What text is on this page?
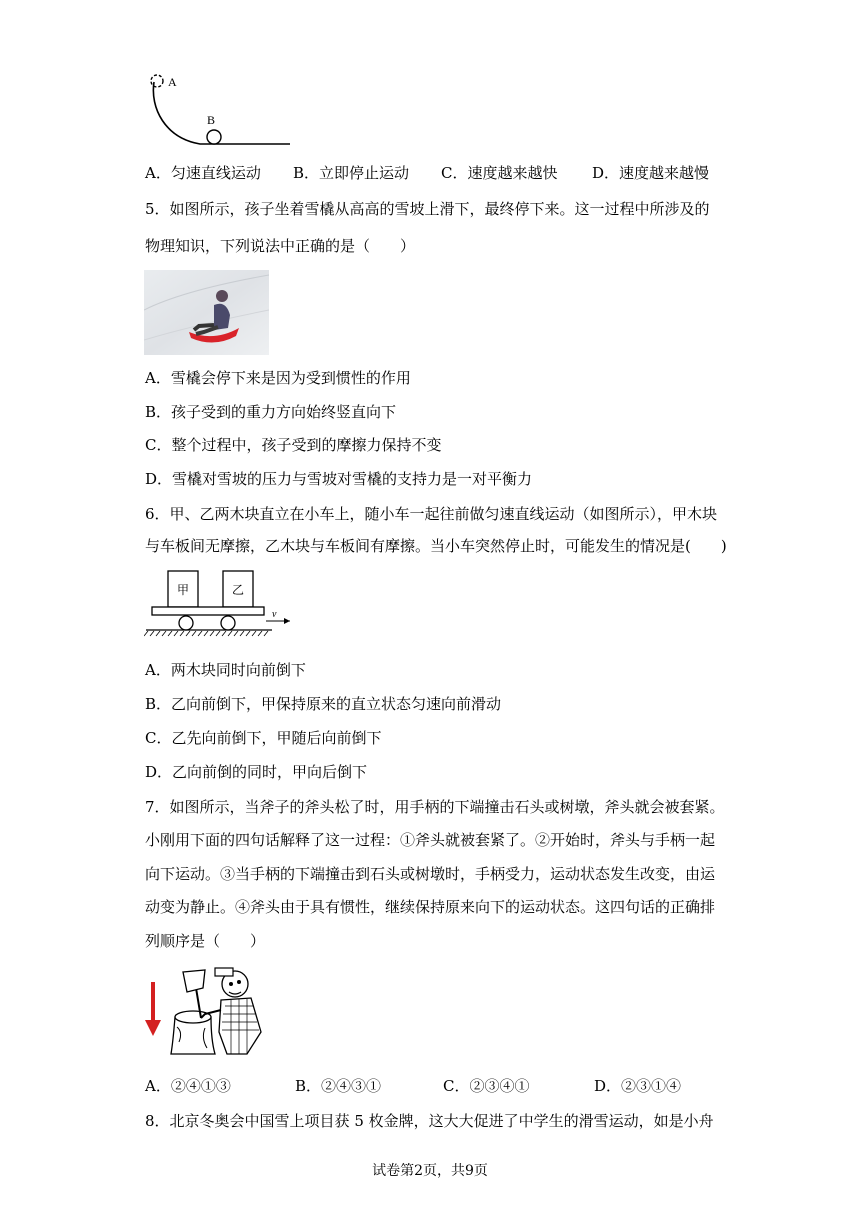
A
B
A．匀速直线运动 B．立即停止运动 C．速度越来越快 D．速度越来越慢
5．如图所示，孩子坐着雪橇从高高的雪坡上滑下，最终停下来。这一过程中所涉及的
物理知识，下列说法中正确的是（　　）
A．雪橇会停下来是因为受到惯性的作用
B．孩子受到的重力方向始终竖直向下
C．整个过程中，孩子受到的摩擦力保持不变
D．雪橇对雪坡的压力与雪坡对雪橇的支持力是一对平衡力
6．甲、乙两木块直立在小车上，随小车一起往前做匀速直线运动（如图所示），甲木块
与车板间无摩擦，乙木块与车板间有摩擦。当小车突然停止时，可能发生的情况是(　　)
甲	乙
v
A．两木块同时向前倒下
B．乙向前倒下，甲保持原来的直立状态匀速向前滑动
C．乙先向前倒下，甲随后向前倒下
D．乙向前倒的同时，甲向后倒下
7．如图所示，当斧子的斧头松了时，用手柄的下端撞击石头或树墩，斧头就会被套紧。
小刚用下面的四句话解释了这一过程：①斧头就被套紧了。②开始时，斧头与手柄一起
向下运动。③当手柄的下端撞击到石头或树墩时，手柄受力，运动状态发生改变，由运
动变为静止。④斧头由于具有惯性，继续保持原来向下的运动状态。这四句话的正确排
列顺序是（　　）
A．②④①③	B．②④③①	C．②③④①	D．②③①④
8．北京冬奥会中国雪上项目获 5 枚金牌，这大大促进了中学生的滑雪运动，如是小舟
试卷第2页，共9页
